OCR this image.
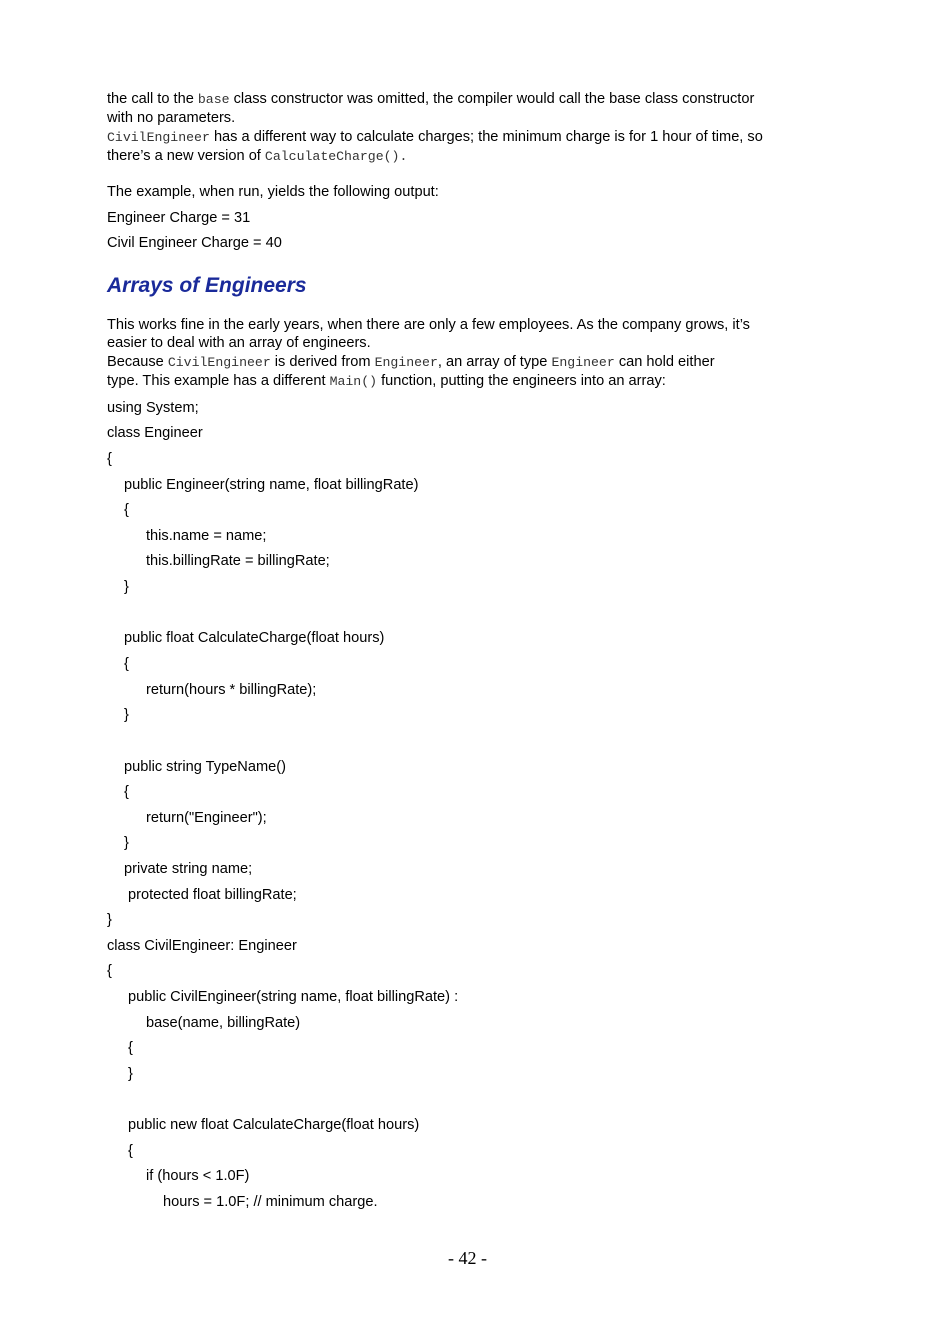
the call to the base class constructor was omitted, the compiler would call the base class constructor
with no parameters.
CivilEngineer has a different way to calculate charges; the minimum charge is for 1 hour of time, so
there’s a new version of CalculateCharge().
The example, when run, yields the following output:
Engineer Charge = 31
Civil Engineer Charge = 40
Arrays of Engineers
This works fine in the early years, when there are only a few employees. As the company grows, it’s
easier to deal with an array of engineers.
Because CivilEngineer is derived from Engineer, an array of type Engineer can hold either
type. This example has a different Main() function, putting the engineers into an array:
using System;
class Engineer
{
public Engineer(string name, float billingRate)
{
this.name = name;
this.billingRate = billingRate;
}
public float CalculateCharge(float hours)
{
return(hours * billingRate);
}
public string TypeName()
{
return("Engineer");
}
private string name;
protected float billingRate;
}
class CivilEngineer: Engineer
{
public CivilEngineer(string name, float billingRate) :
base(name, billingRate)
{
}
public new float CalculateCharge(float hours)
{
if (hours < 1.0F)
hours = 1.0F; // minimum charge.
- 42 -
